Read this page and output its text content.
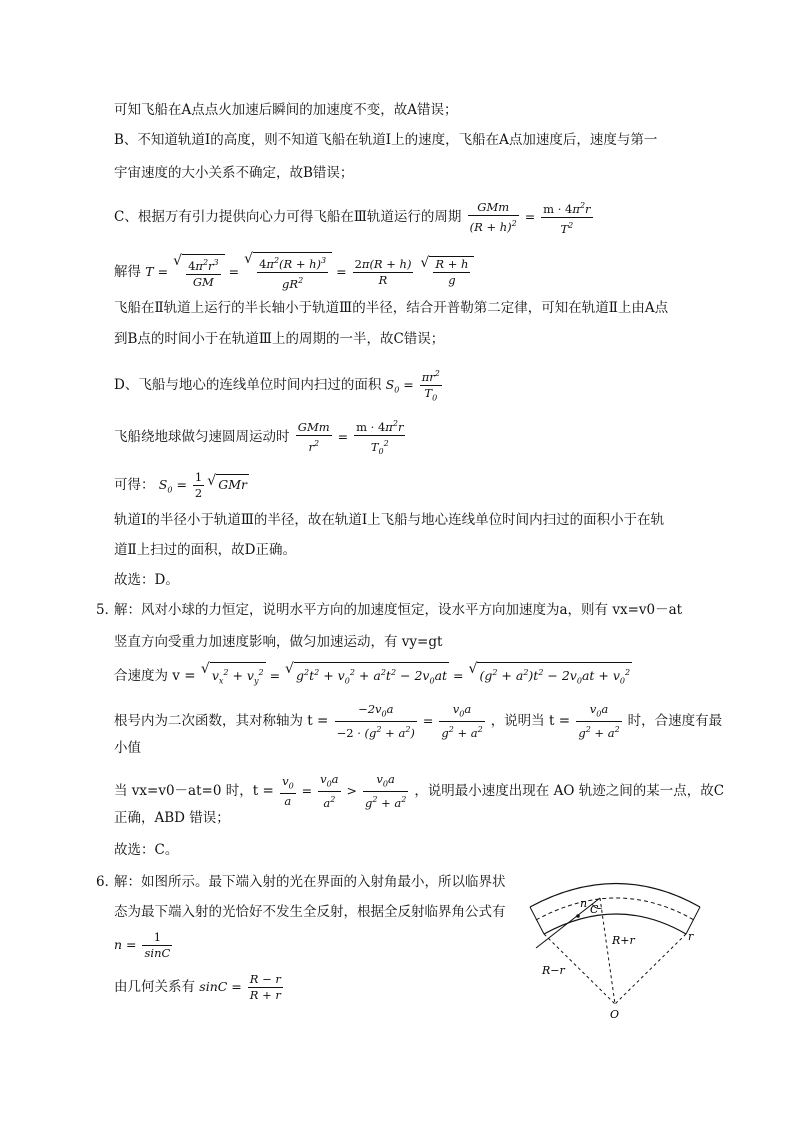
可知飞船在A点点火加速后瞬间的加速度不变，故A错误；
B、不知道轨道Ⅰ的高度，则不知道飞船在轨道Ⅰ上的速度，飞船在A点加速度后，速度与第一
宇宙速度的大小关系不确定，故B错误；
C、根据万有引力提供向心力可得飞船在Ⅲ轨道运行的周期 $\frac{\text{GMm}}{(R + h)^2} = \frac{m \cdot 4\pi^2r}{T^2}$
解得 T = √ $\frac{4\pi^2r^3}{GM}$ = √ $\frac{4\pi^2(R + h)^3}{gR^2} = \frac{2\pi(R + h)}{R}$
√ $\frac{R + h}{g}$
飞船在Ⅱ轨道上运行的半长轴小于轨道Ⅲ的半径，结合开普勒第二定律，可知在轨道Ⅱ上由A点
到B点的时间小于在轨道Ⅲ上的周期的一半，故C错误；
D、飞船与地心的连线单位时间内扫过的面积 $S_0 = \frac{\pi r^2}{T_0}$
飞船绕地球做匀速圆周运动时 $\frac{\text{GMm}}{r^2} = \frac{m \cdot 4\pi^2r}{T_0^2}$
可得： $S_0 = \frac{1}{2}$ √ GMr
轨道Ⅰ的半径小于轨道Ⅲ的半径，故在轨道Ⅰ上飞船与地心连线单位时间内扫过的面积小于在轨
道Ⅱ上扫过的面积，故D正确。
故选：D。
5．
解：风对小球的力恒定，说明水平方向的加速度恒定，设水平方向加速度为a，则有 vx=v0－at
竖直方向受重力加速度影响，做匀加速运动，有 vy=gt
合速度为 v = √ $v_x^2 + v_y^2$ = √ $g^2t^2 + v_0^2 + a^2t^2 - 2v_0at$ = √ $(g^2 + a^2)t^2 - 2v_0at + v_0^2$
根号内为二次函数，其对称轴为 $t = \frac{-2v_0a}{-2 \cdot (g^2 + a^2)} = \frac{v_0a}{g^2 + a^2}$ ，说明当 $t = \frac{v_0a}{g^2 + a^2}$ 时，合速度有最
小值
当 vx=v0－at=0 时，$t = \frac{v_0}{a} = \frac{v_0a}{a^2} > \frac{v_0a}{g^2 + a^2}$ ，说明最小速度出现在 AO 轨迹之间的某一点，故C
正确，ABD 错误；
故选：C。
6．
解：如图所示。最下端入射的光在界面的入射角最小，所以临界状
态为最下端入射的光恰好不发生全反射，根据全反射临界角公式有
$n = \frac{1}{\sin C}$
由几何关系有 $\sin C = \frac{R - r}{R + r}$
n C
R+r	r
R−r
O
